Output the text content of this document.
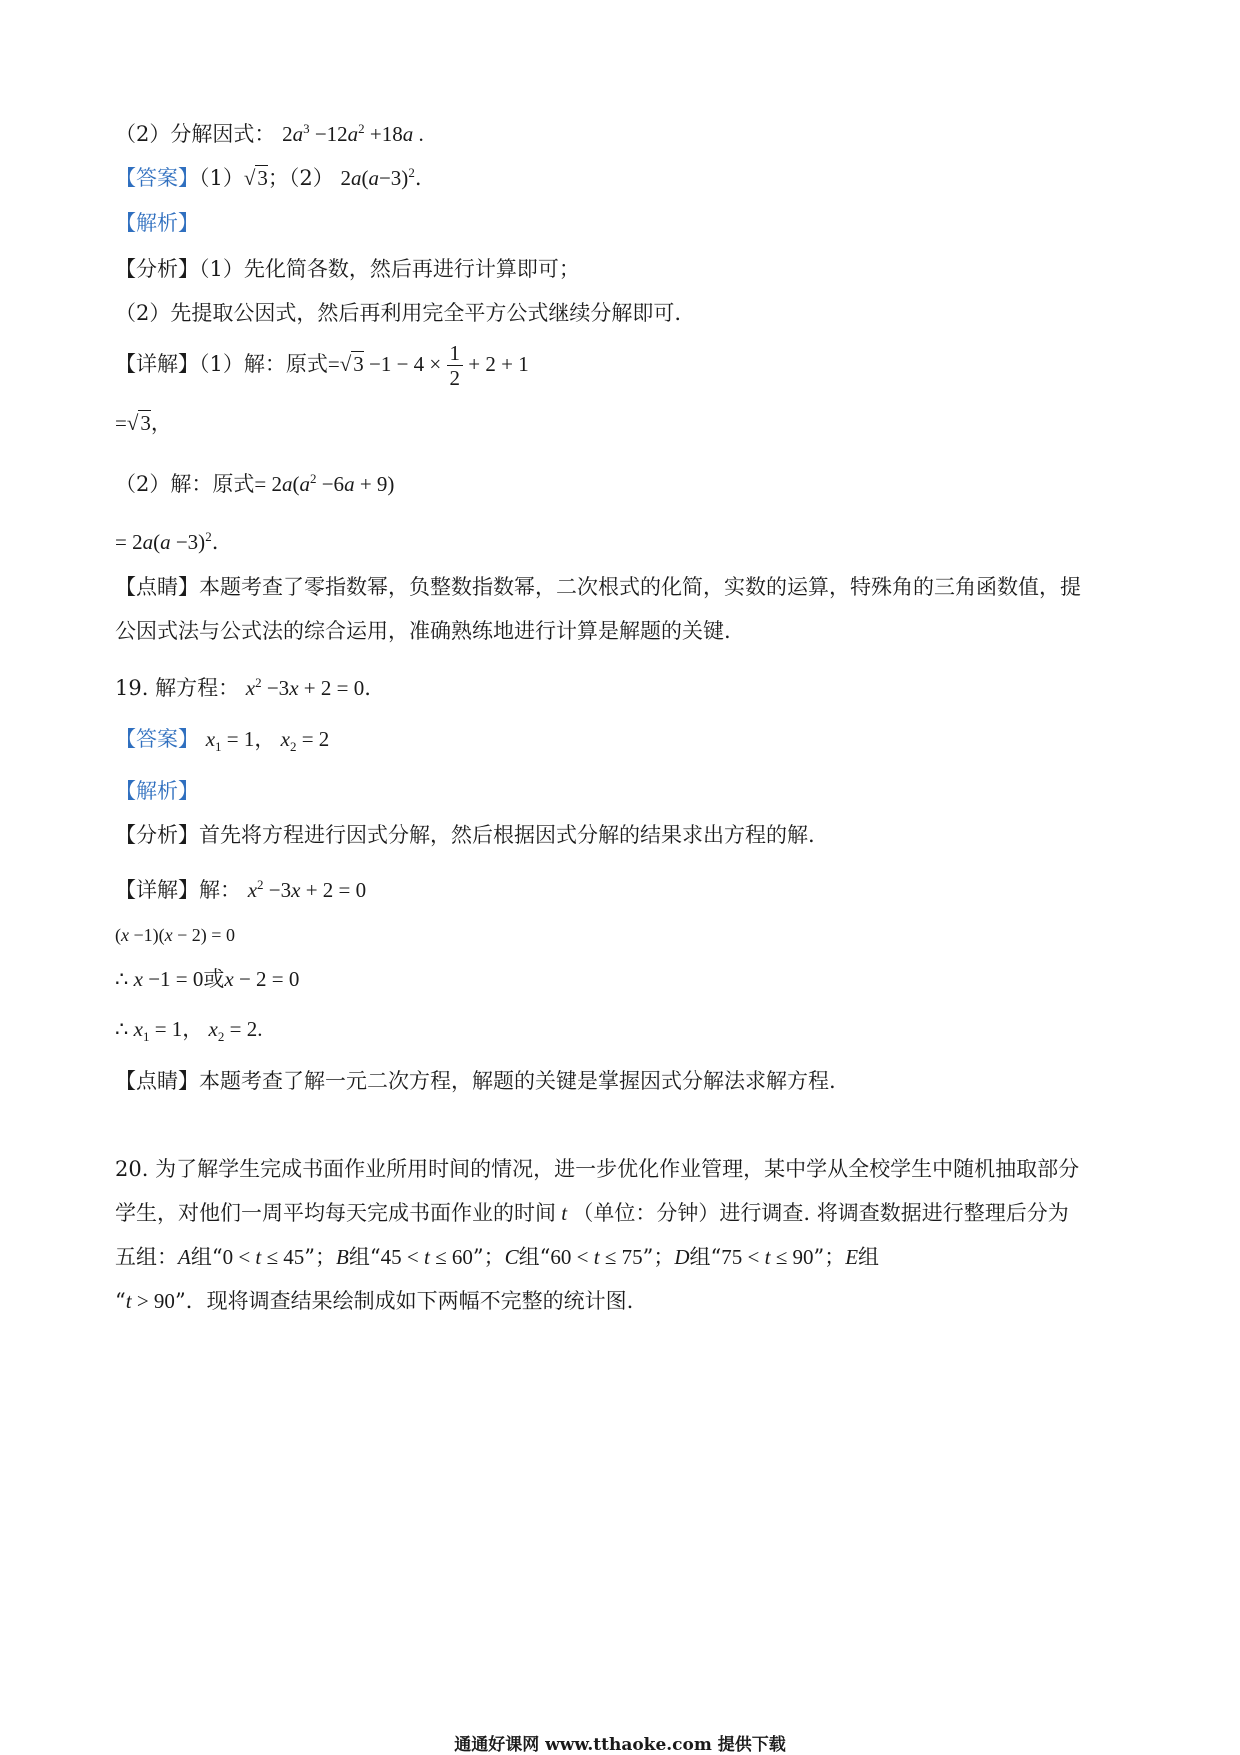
（2）分解因式： $2a^3 -12a^2 +18a$ .
【答案】（1）√3；（2） $2a(a-3)^2$.
【解析】
【分析】（1）先化简各数，然后再进行计算即可；
（2）先提取公因式，然后再利用完全平方公式继续分解即可.
【详解】（1）解：原式$=√3 -1 - 4 \times \frac{1}{2} + 2 + 1$
=√3，
（2）解：原式= $2a(a^2 -6a + 9)$
= $2a(a -3)^2$.
【点睛】本题考查了零指数幂，负整数指数幂，二次根式的化简，实数的运算，特殊角的三角函数值，提
公因式法与公式法的综合运用，准确熟练地进行计算是解题的关键.
19. 解方程： $x^2 -3x + 2 = 0$.
【答案】 $x_1 = 1$， $x_2 = 2$
【解析】
【分析】首先将方程进行因式分解，然后根据因式分解的结果求出方程的解.
【详解】解： $x^2 -3x + 2 = 0$
(x −1)(x − 2) = 0
∴ x −1 = 0或x − 2 = 0
∴ $x_1 = 1$， $x_2 = 2$.
【点睛】本题考查了解一元二次方程，解题的关键是掌握因式分解法求解方程.
20. 为了解学生完成书面作业所用时间的情况，进一步优化作业管理，某中学从全校学生中随机抽取部分
学生，对他们一周平均每天完成书面作业的时间 t （单位：分钟）进行调查. 将调查数据进行整理后分为
五组：A组“0 < t ≤ 45”；B组“45 < t ≤ 60”；C组“60 < t ≤ 75”；D组“75 < t ≤ 90”；E组
“t > 90”．现将调查结果绘制成如下两幅不完整的统计图.
通通好课网 www.tthaoke.com 提供下载
